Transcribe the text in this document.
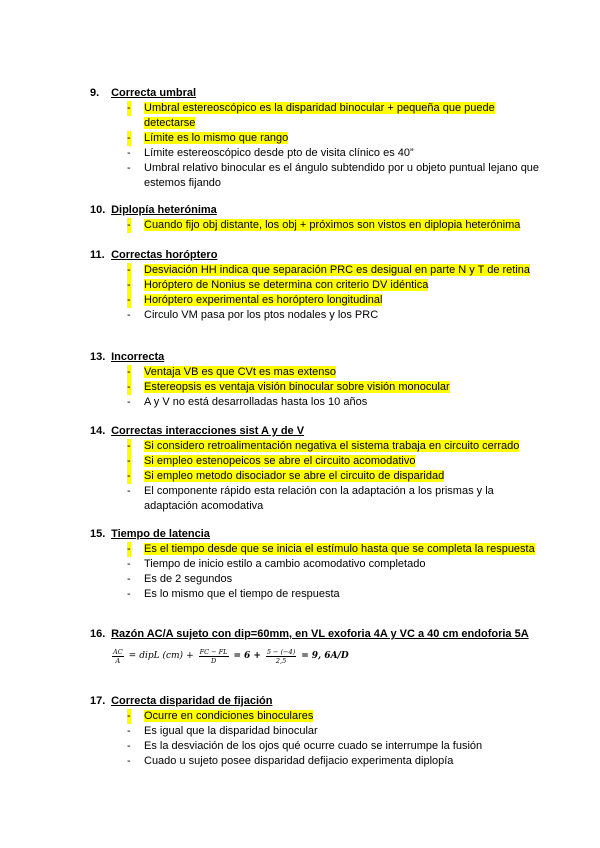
9. Correcta umbral
- Umbral estereoscópico es la disparidad binocular + pequeña que puede detectarse
- Límite es lo mismo que rango
- Límite estereoscópico desde pto de visita clínico es 40”
- Umbral relativo binocular es el ángulo subtendido por u objeto puntual lejano que estemos fijando
10. Diplopía heterónima
- Cuando fijo obj distante, los obj + próximos son vistos en diplopia heterónima
11. Correctas horóptero
- Desviación HH indica que separación PRC es desigual en parte N y T de retina
- Horóptero de Nonius se determina con criterio DV idéntica
- Horóptero experimental es horóptero longitudinal
- Circulo VM pasa por los ptos nodales y los PRC
13. Incorrecta
- Ventaja VB es que CVt es mas extenso
- Estereopsis es ventaja visión binocular sobre visión monocular
- A y V no está desarrolladas hasta los 10 años
14. Correctas interacciones sist A y de V
- Si considero retroalimentación negativa el sistema trabaja en circuito cerrado
- Si empleo estenopeicos se abre el circuito acomodativo
- Si empleo metodo disociador se abre el circuito de disparidad
- El componente rápido esta relación con la adaptación a los prismas y la adaptación acomodativa
15. Tiempo de latencia
- Es el tiempo desde que se inicia el estímulo hasta que se completa la respuesta
- Tiempo de inicio estilo a cambio acomodativo completado
- Es de 2 segundos
- Es lo mismo que el tiempo de respuesta
16. Razón AC/A sujeto con dip=60mm, en VL exoforia 4A y VC a 40 cm endoforia 5A
$\frac{AC}{A}$ = dipL $(cm) + \frac{FC - FL}{D} = 6 + \frac{5 - (-4)}{2,5} = 9$, 6A/D
17. Correcta disparidad de fijación
- Ocurre en condiciones binoculares
- Es igual que la disparidad binocular
- Es la desviación de los ojos qué ocurre cuado se interrumpe la fusión
- Cuado u sujeto posee disparidad defijacio experimenta diplopía
